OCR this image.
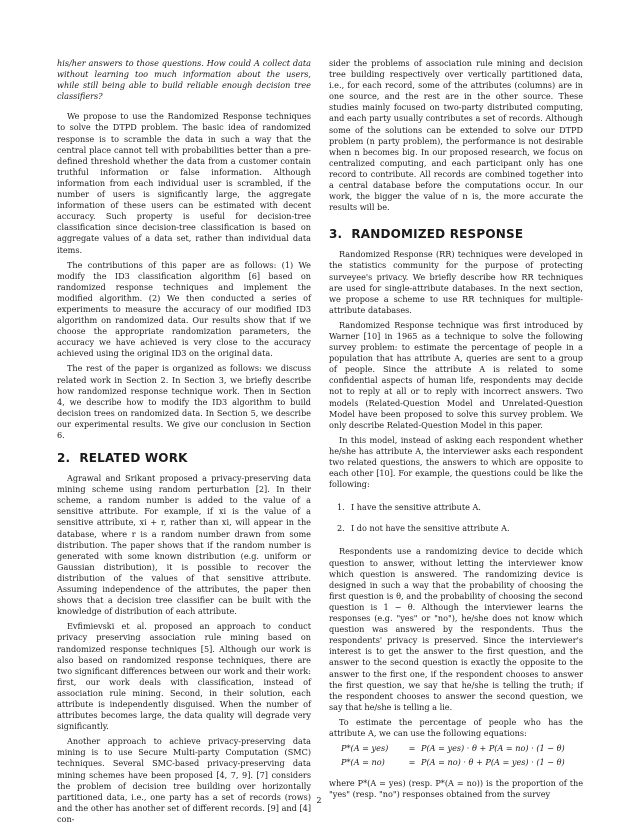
his/her answers to those questions. How could A collect data without learning too much information about the users, while still being able to build reliable enough decision tree classifiers?

We propose to use the Randomized Response techniques to solve the DTPD problem. The basic idea of randomized response is to scramble the data in such a way that the central place cannot tell with probabilities better than a pre-defined threshold whether the data from a customer contain truthful information or false information. Although information from each individual user is scrambled, if the number of users is significantly large, the aggregate information of these users can be estimated with decent accuracy. Such property is useful for decision-tree classification since decision-tree classification is based on aggregate values of a data set, rather than individual data items.

The contributions of this paper are as follows: (1) We modify the ID3 classification algorithm [6] based on randomized response techniques and implement the modified algorithm. (2) We then conducted a series of experiments to measure the accuracy of our modified ID3 algorithm on randomized data. Our results show that if we choose the appropriate randomization parameters, the accuracy we have achieved is very close to the accuracy achieved using the original ID3 on the original data.

The rest of the paper is organized as follows: we discuss related work in Section 2. In Section 3, we briefly describe how randomized response technique work. Then in Section 4, we describe how to modify the ID3 algorithm to build decision trees on randomized data. In Section 5, we describe our experimental results. We give our conclusion in Section 6.

2. RELATED WORK

Agrawal and Srikant proposed a privacy-preserving data mining scheme using random perturbation [2]. In their scheme, a random number is added to the value of a sensitive attribute. For example, if xi is the value of a sensitive attribute, xi + r, rather than xi, will appear in the database, where r is a random number drawn from some distribution. The paper shows that if the random number is generated with some known distribution (e.g. uniform or Gaussian distribution), it is possible to recover the distribution of the values of that sensitive attribute. Assuming independence of the attributes, the paper then shows that a decision tree classifier can be built with the knowledge of distribution of each attribute.

Evfimievski et al. proposed an approach to conduct privacy preserving association rule mining based on randomized response techniques [5]. Although our work is also based on randomized response techniques, there are two significant differences between our work and their work: first, our work deals with classification, instead of association rule mining. Second, in their solution, each attribute is independently disguised. When the number of attributes becomes large, the data quality will degrade very significantly.

Another approach to achieve privacy-preserving data mining is to use Secure Multi-party Computation (SMC) techniques. Several SMC-based privacy-preserving data mining schemes have been proposed [4, 7, 9]. [7] considers the problem of decision tree building over horizontally partitioned data, i.e., one party has a set of records (rows) and the other has another set of different records. [9] and [4] con-

sider the problems of association rule mining and decision tree building respectively over vertically partitioned data, i.e., for each record, some of the attributes (columns) are in one source, and the rest are in the other source. These studies mainly focused on two-party distributed computing, and each party usually contributes a set of records. Although some of the solutions can be extended to solve our DTPD problem (n party problem), the performance is not desirable when n becomes big. In our proposed research, we focus on centralized computing, and each participant only has one record to contribute. All records are combined together into a central database before the computations occur. In our work, the bigger the value of n is, the more accurate the results will be.

3. RANDOMIZED RESPONSE

Randomized Response (RR) techniques were developed in the statistics community for the purpose of protecting surveyee's privacy. We briefly describe how RR techniques are used for single-attribute databases. In the next section, we propose a scheme to use RR techniques for multiple-attribute databases.

Randomized Response technique was first introduced by Warner [10] in 1965 as a technique to solve the following survey problem: to estimate the percentage of people in a population that has attribute A, queries are sent to a group of people. Since the attribute A is related to some confidential aspects of human life, respondents may decide not to reply at all or to reply with incorrect answers. Two models (Related-Question Model and Unrelated-Question Model have been proposed to solve this survey problem. We only describe Related-Question Model in this paper.

In this model, instead of asking each respondent whether he/she has attribute A, the interviewer asks each respondent two related questions, the answers to which are opposite to each other [10]. For example, the questions could be like the following:

1. I have the sensitive attribute A.
2. I do not have the sensitive attribute A.

Respondents use a randomizing device to decide which question to answer, without letting the interviewer know which question is answered. The randomizing device is designed in such a way that the probability of choosing the first question is θ, and the probability of choosing the second question is 1 − θ. Although the interviewer learns the responses (e.g. "yes" or "no"), he/she does not know which question was answered by the respondents. Thus the respondents' privacy is preserved. Since the interviewer's interest is to get the answer to the first question, and the answer to the second question is exactly the opposite to the answer to the first one, if the respondent chooses to answer the first question, we say that he/she is telling the truth; if the respondent chooses to answer the second question, we say that he/she is telling a lie.

To estimate the percentage of people who has the attribute A, we can use the following equations:

P*(A = yes) = P(A = yes) · θ + P(A = no) · (1 − θ)
P*(A = no)	= P(A = no) · θ + P(A = yes) · (1 − θ)

where P*(A = yes) (resp. P*(A = no)) is the proportion of the "yes" (resp. "no") responses obtained from the survey

2
